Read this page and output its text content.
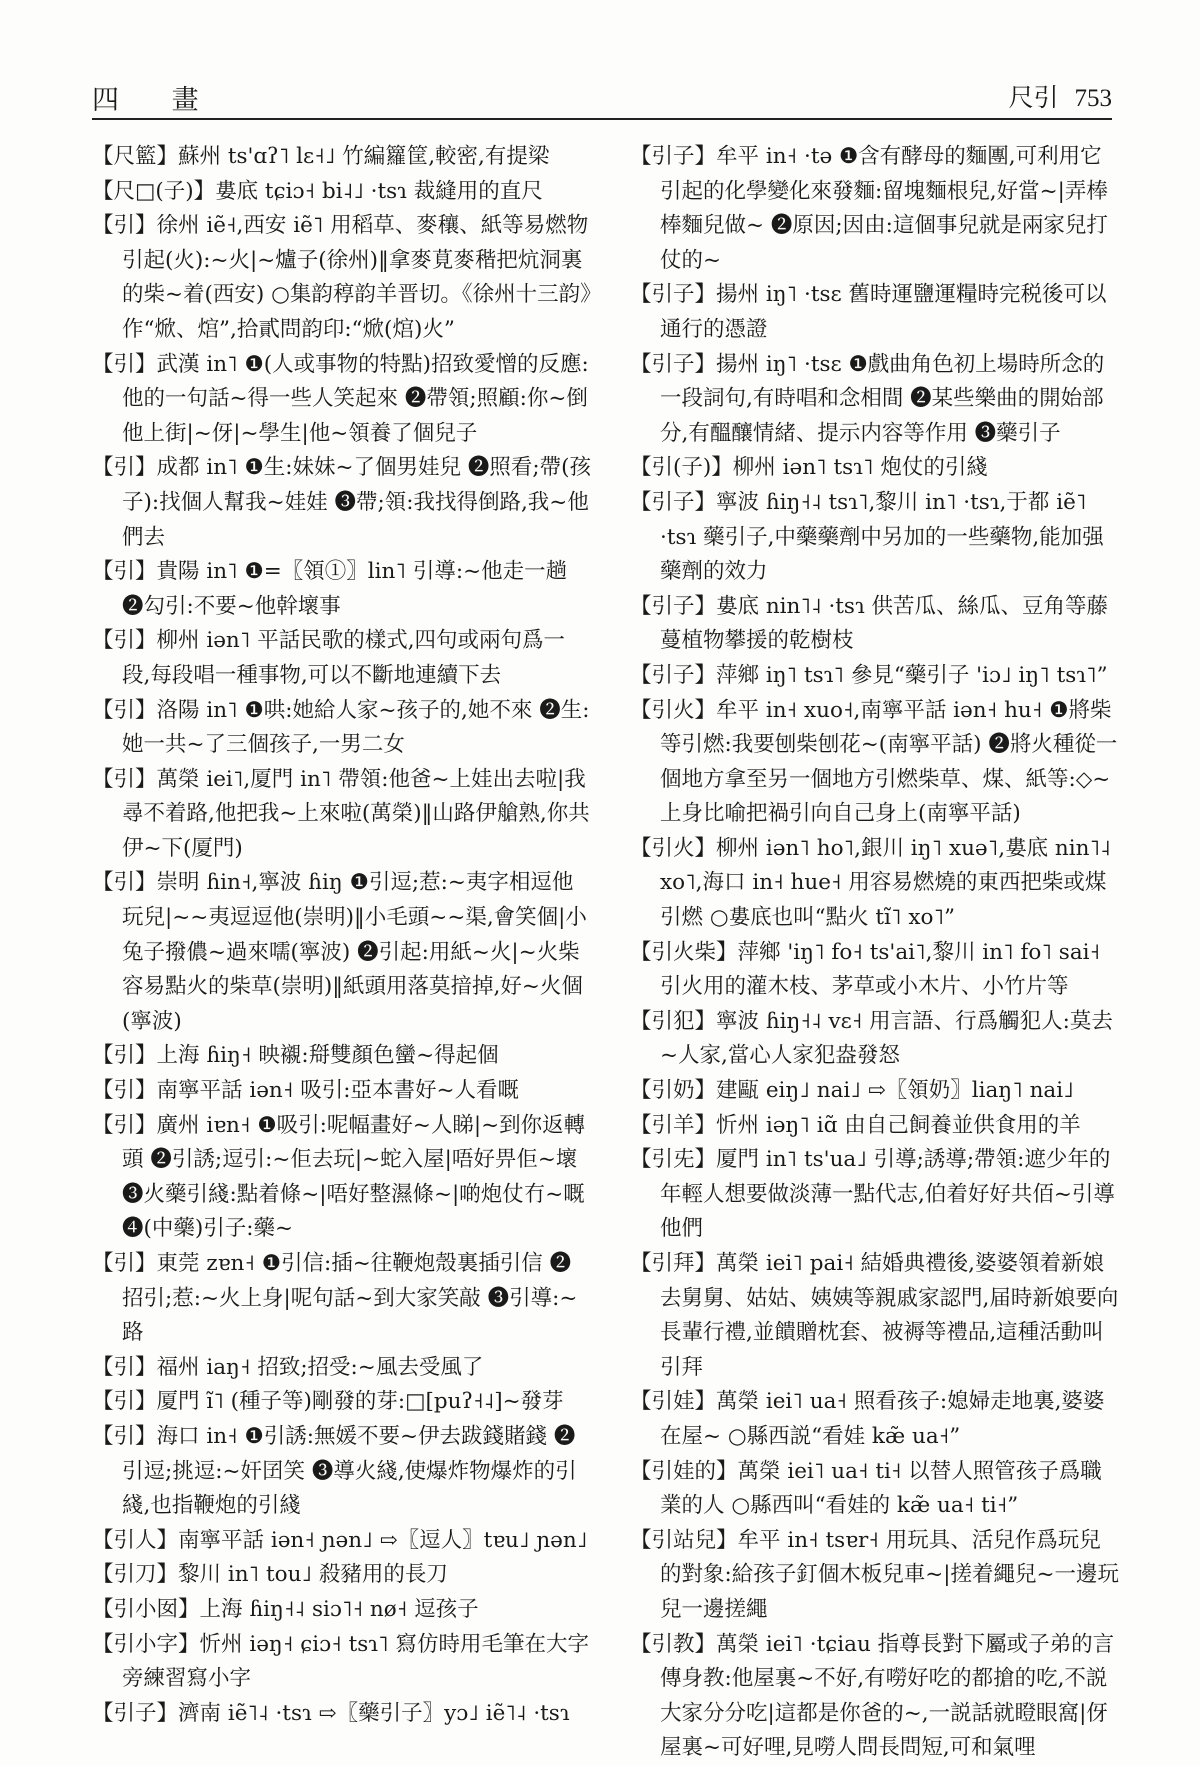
四 畫	尺引 753

【尺籃】蘇州 ts'ɑʔ˥ lɛ˧˩ 竹編籮筐,較密,有提梁

【尺□(子)】婁底 tɕiɔ˧ bi˨˩ ·tsɿ 裁縫用的直尺

【引】徐州 iẽ˧,西安 iẽ˥ 用稻草、麥穰、紙等易燃物引起(火):~火|~爐子(徐州)‖拿麥莧麥稭把炕洞裏的柴~着(西安) ○集韵稕韵羊晋切。《徐州十三韵》作“焮、熍”,拾貳問韵印:“焮(熍)火”

【引】武漢 in˥ ❶(人或事物的特點)招致愛憎的反應:他的一句話~得一些人笑起來 ❷帶領;照顧:你~倒他上街|~伢|~學生|他~領養了個兒子

【引】成都 in˥ ❶生:妹妹~了個男娃兒 ❷照看;帶(孩子):找個人幫我~娃娃 ❸帶;領:我找得倒路,我~他們去

【引】貴陽 in˥ ❶=〖領①〗lin˥ 引導:~他走一趟 ❷勾引:不要~他幹壞事

【引】柳州 iən˥ 平話民歌的樣式,四句或兩句爲一段,每段唱一種事物,可以不斷地連續下去

【引】洛陽 in˥ ❶哄:她給人家~孩子的,她不來 ❷生:她一共~了三個孩子,一男二女

【引】萬榮 iei˥,厦門 in˥ 帶領:他爸~上娃出去啦|我尋不着路,他把我~上來啦(萬榮)‖山路伊艙熟,你共伊~下(厦門)

【引】崇明 ɦin˧,寧波 ɦiŋ ❶引逗;惹:~夷字相逗他玩兒|~~夷逗逗他(崇明)‖小毛頭~~渠,會笑個|小兔子撥儂~過來嚅(寧波) ❷引起:用紙~火|~火柴容易點火的柴草(崇明)‖紙頭用落莫揞掉,好~火個(寧波)

【引】上海 ɦiŋ˧ 映襯:搿雙顏色蠻~得起個

【引】南寧平話 iən˧ 吸引:亞本書好~人看嘅

【引】廣州 iɐn˧ ❶吸引:呢幅畫好~人睇|~到你返轉頭 ❷引誘;逗引:~佢去玩|~蛇入屋|唔好畀佢~壞 ❸火藥引綫:點着條~|唔好整濕條~|啲炮仗冇~嘅 ❹(中藥)引子:藥~

【引】東莞 zɐn˧ ❶引信:插~往鞭炮殼裏插引信 ❷招引;惹:~火上身|呢句話~到大家笑敲 ❸引導:~路

【引】福州 iaŋ˧ 招致;招受:~風去受風了

【引】厦門 ĩ˥ (種子等)剛發的芽:□[puʔ˧˨]~發芽

【引】海口 in˧ ❶引誘:無媛不要~伊去跋錢賭錢 ❷引逗;挑逗:~奸囝笑 ❸導火綫,使爆炸物爆炸的引綫,也指鞭炮的引綫

【引人】南寧平話 iən˧ ɲən˩ ⇨〖逗人〗tɐu˩ ɲən˩

【引刀】黎川 in˥ tou˩ 殺豬用的長刀

【引小囡】上海 ɦiŋ˧˨ siɔ˥˧ nø˧ 逗孩子

【引小字】忻州 iəŋ˧ ɕiɔ˧ tsɿ˥ 寫仿時用毛筆在大字旁練習寫小字

【引子】濟南 iẽ˥˨ ·tsɿ ⇨〖藥引子〗yɔ˩ iẽ˥˨ ·tsɿ

【引子】牟平 in˧ ·tə ❶含有酵母的麵團,可利用它引起的化學變化來發麵:留塊麵根兒,好當~|弄棒棒麵兒做~ ❷原因;因由:這個事兒就是兩家兒打仗的~

【引子】揚州 iŋ˥ ·tsɛ 舊時運鹽運糧時完税後可以通行的憑證

【引子】揚州 iŋ˥ ·tsɛ ❶戲曲角色初上場時所念的一段詞句,有時唱和念相間 ❷某些樂曲的開始部分,有醞釀情緒、提示内容等作用 ❸藥引子

【引(子)】柳州 iən˥ tsɿ˥ 炮仗的引綫

【引子】寧波 ɦiŋ˧˨ tsɿ˥,黎川 in˥ ·tsɿ,于都 iẽ˥ ·tsɿ 藥引子,中藥藥劑中另加的一些藥物,能加强藥劑的效力

【引子】婁底 nin˥˨ ·tsɿ 供苦瓜、絲瓜、豆角等藤蔓植物攀援的乾樹枝

【引子】萍鄉 iŋ˥ tsɿ˥ 參見“藥引子 'iɔ˩ iŋ˥ tsɿ˥”

【引火】牟平 in˧ xuo˧,南寧平話 iən˧ hu˧ ❶將柴等引燃:我要刨柴刨花~(南寧平話) ❷將火種從一個地方拿至另一個地方引燃柴草、煤、紙等:◇~上身比喻把禍引向自己身上(南寧平話)

【引火】柳州 iən˥ ho˥,銀川 iŋ˥ xuə˥,婁底 nin˥˨ xo˥,海口 in˧ hue˧ 用容易燃燒的東西把柴或煤引燃 ○婁底也叫“點火 tĩ˥ xo˥”

【引火柴】萍鄉 'iŋ˥ fo˧ ts'ai˥,黎川 in˥ fo˥ sai˧ 引火用的灌木枝、茅草或小木片、小竹片等

【引犯】寧波 ɦiŋ˧˨ vɛ˧ 用言語、行爲觸犯人:莫去~人家,當心人家犯盎發怒

【引奶】建甌 eiŋ˩ nai˩ ⇨〖領奶〗liaŋ˥ nai˩

【引羊】忻州 iəŋ˥ iɑ̃ 由自己飼養並供食用的羊

【引兂】厦門 in˥ ts'ua˩ 引導;誘導;帶領:遮少年的年輕人想要做淡薄一點代志,伯着好好共佰~引導他們

【引拜】萬榮 iei˥ pai˧ 結婚典禮後,婆婆領着新娘去舅舅、姑姑、姨姨等親戚家認門,届時新娘要向長輩行禮,並饋贈枕套、被褥等禮品,這種活動叫引拜

【引娃】萬榮 iei˥ ua˧ 照看孩子:媳婦走地裏,婆婆在屋~ ○縣西説“看娃 kæ̃ ua˧”

【引娃的】萬榮 iei˥ ua˧ ti˧ 以替人照管孩子爲職業的人 ○縣西叫“看娃的 kæ̃ ua˧ ti˧”

【引站兒】牟平 in˧ tsɐr˧ 用玩具、活兒作爲玩兒的對象:給孩子釘個木板兒車~|搓着繩兒~一邊玩兒一邊搓繩

【引教】萬榮 iei˥ ·tɕiau 指尊長對下屬或子弟的言傳身教:他屋裏~不好,有嘮好吃的都搶的吃,不説大家分分吃|這都是你爸的~,一説話就瞪眼窩|伢屋裏~可好哩,見嘮人問長問短,可和氣哩
